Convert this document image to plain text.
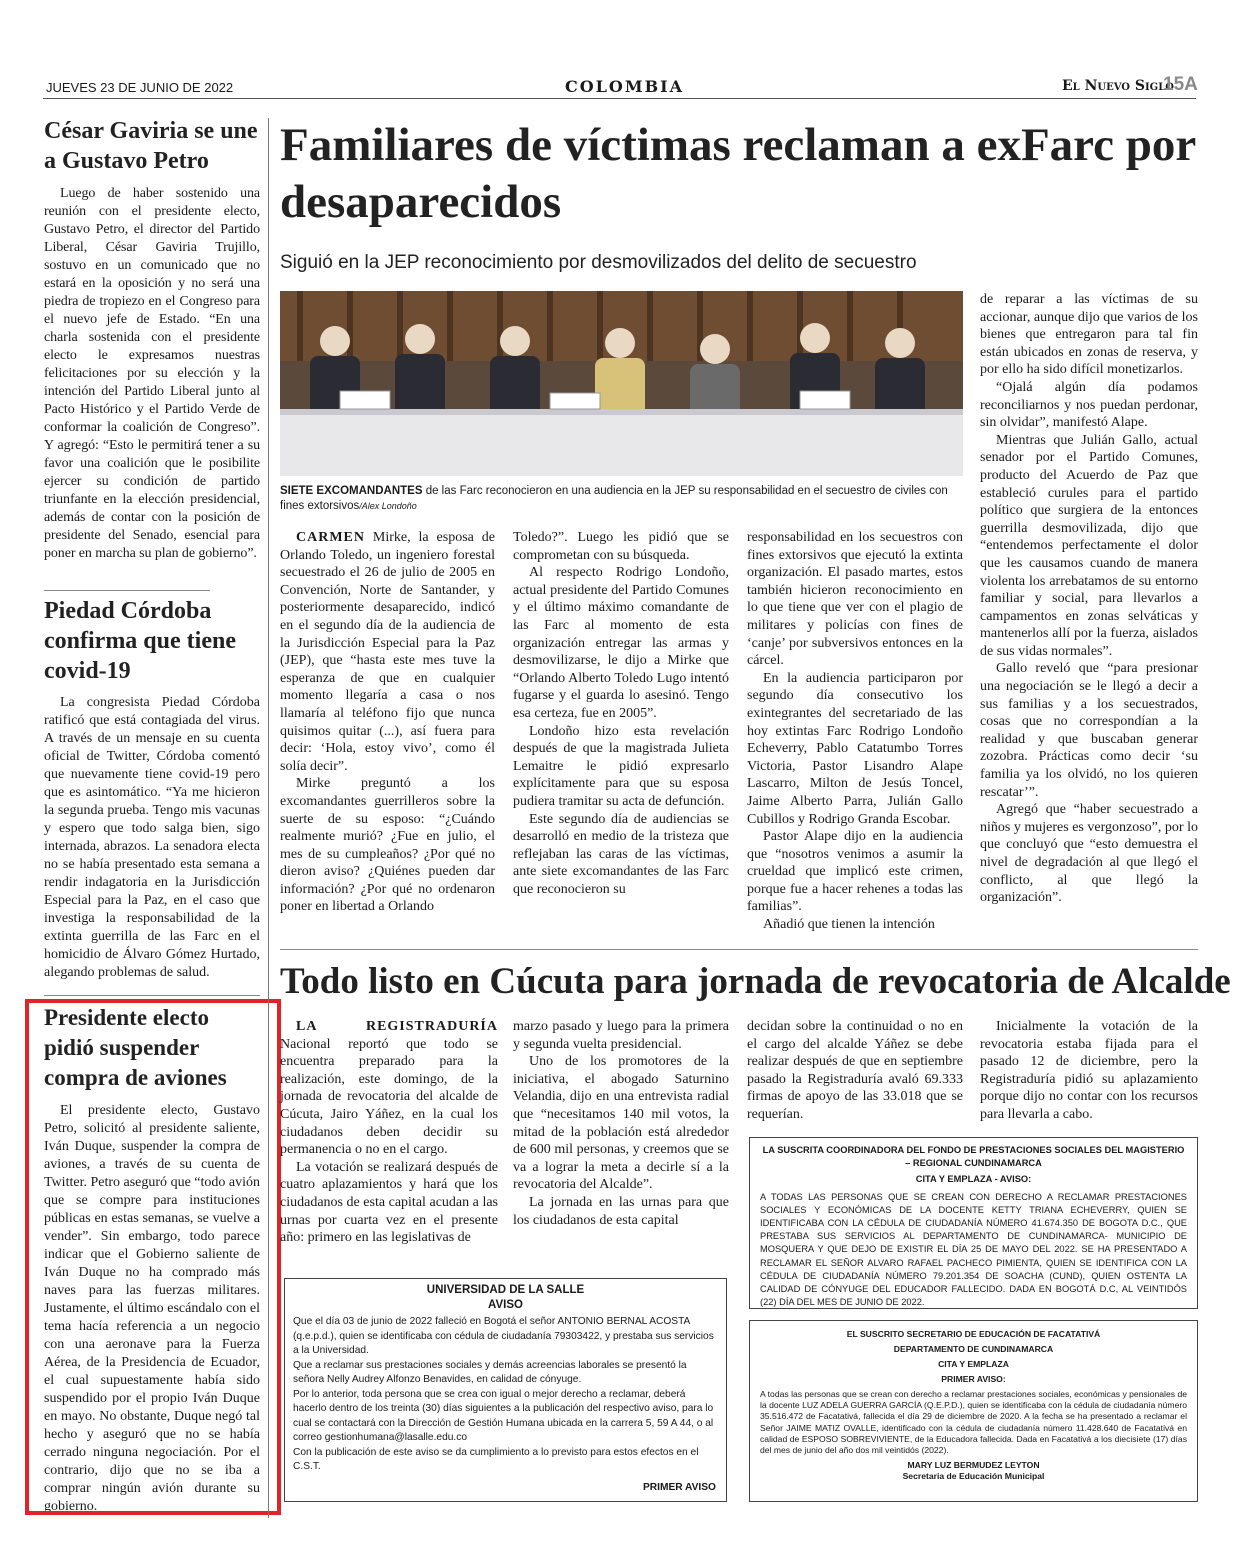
JUEVES 23 DE JUNIO DE 2022	COLOMBIA	El Nuevo Siglo
15A
César Gaviria se une a Gustavo Petro

Luego de haber sostenido una reunión con el presidente electo, Gustavo Petro, el director del Partido Liberal, César Gaviria Trujillo, sostuvo en un comunicado que no estará en la oposición y no será una piedra de tropiezo en el Congreso para el nuevo jefe de Estado. “En una charla sostenida con el presidente electo le expresamos nuestras felicitaciones por su elección y la intención del Partido Liberal junto al Pacto Histórico y el Partido Verde de conformar la coalición de Congreso”. Y agregó: “Esto le permitirá tener a su favor una coalición que le posibilite ejercer su condición de partido triunfante en la elección presidencial, además de contar con la posición de presidente del Senado, esencial para poner en marcha su plan de gobierno”.

Piedad Córdoba confirma que tiene covid-19

La congresista Piedad Córdoba ratificó que está contagiada del virus. A través de un mensaje en su cuenta oficial de Twitter, Córdoba comentó que nuevamente tiene covid-19 pero que es asintomático. “Ya me hicieron la segunda prueba. Tengo mis vacunas y espero que todo salga bien, sigo internada, abrazos. La senadora electa no se había presentado esta semana a rendir indagatoria en la Jurisdicción Especial para la Paz, en el caso que investiga la responsabilidad de la extinta guerrilla de las Farc en el homicidio de Álvaro Gómez Hurtado, alegando problemas de salud.

Presidente electo pidió suspender compra de aviones

El presidente electo, Gustavo Petro, solicitó al presidente saliente, Iván Duque, suspender la compra de aviones, a través de su cuenta de Twitter. Petro aseguró que “todo avión que se compre para instituciones públicas en estas semanas, se vuelve a vender”. Sin embargo, todo parece indicar que el Gobierno saliente de Iván Duque no ha comprado más naves para las fuerzas militares. Justamente, el último escándalo con el tema hacía referencia a un negocio con una aeronave para la Fuerza Aérea, de la Presidencia de Ecuador, el cual supuestamente había sido suspendido por el propio Iván Duque en mayo. No obstante, Duque negó tal hecho y aseguró que no se había cerrado ninguna negociación. Por el contrario, dijo que no se iba a comprar ningún avión durante su gobierno.

Familiares de víctimas reclaman a exFarc por desaparecidos
Siguió en la JEP reconocimiento por desmovilizados del delito de secuestro
SIETE EXCOMANDANTES de las Farc reconocieron en una audiencia en la JEP su responsabilidad en el secuestro de civiles con fines extorsivos/Alex Londoño

CARMEN Mirke, la esposa de Orlando Toledo, un ingeniero forestal secuestrado el 26 de julio de 2005 en Convención, Norte de Santander, y posteriormente desaparecido, indicó en el segundo día de la audiencia de la Jurisdicción Especial para la Paz (JEP), que “hasta este mes tuve la esperanza de que en cualquier momento llegaría a casa o nos llamaría al teléfono fijo que nunca quisimos quitar (...), así fuera para decir: ‘Hola, estoy vivo’, como él solía decir”.

Mirke preguntó a los excomandantes guerrilleros sobre la suerte de su esposo: “¿Cuándo realmente murió? ¿Fue en julio, el mes de su cumpleaños? ¿Por qué no dieron aviso? ¿Quiénes pueden dar información? ¿Por qué no ordenaron poner en libertad a Orlando

Toledo?”. Luego les pidió que se comprometan con su búsqueda.

Al respecto Rodrigo Londoño, actual presidente del Partido Comunes y el último máximo comandante de las Farc al momento de esta organización entregar las armas y desmovilizarse, le dijo a Mirke que “Orlando Alberto Toledo Lugo intentó fugarse y el guarda lo asesinó. Tengo esa certeza, fue en 2005”.

Londoño hizo esta revelación después de que la magistrada Julieta Lemaitre le pidió expresarlo explícitamente para que su esposa pudiera tramitar su acta de defunción.

Este segundo día de audiencias se desarrolló en medio de la tristeza que reflejaban las caras de las víctimas, ante siete excomandantes de las Farc que reconocieron su

responsabilidad en los secuestros con fines extorsivos que ejecutó la extinta organización. El pasado martes, estos también hicieron reconocimiento en lo que tiene que ver con el plagio de militares y policías con fines de ‘canje’ por subversivos entonces en la cárcel.

En la audiencia participaron por segundo día consecutivo los exintegrantes del secretariado de las hoy extintas Farc Rodrigo Londoño Echeverry, Pablo Catatumbo Torres Victoria, Pastor Lisandro Alape Lascarro, Milton de Jesús Toncel, Jaime Alberto Parra, Julián Gallo Cubillos y Rodrigo Granda Escobar.

Pastor Alape dijo en la audiencia que “nosotros venimos a asumir la crueldad que implicó este crimen, porque fue a hacer rehenes a todas las familias”.

Añadió que tienen la intención

de reparar a las víctimas de su accionar, aunque dijo que varios de los bienes que entregaron para tal fin están ubicados en zonas de reserva, y por ello ha sido difícil monetizarlos.

“Ojalá algún día podamos reconciliarnos y nos puedan perdonar, sin olvidar”, manifestó Alape.

Mientras que Julián Gallo, actual senador por el Partido Comunes, producto del Acuerdo de Paz que estableció curules para el partido político que surgiera de la entonces guerrilla desmovilizada, dijo que “entendemos perfectamente el dolor que les causamos cuando de manera violenta los arrebatamos de su entorno familiar y social, para llevarlos a campamentos en zonas selváticas y mantenerlos allí por la fuerza, aislados de sus vidas normales”.

Gallo reveló que “para presionar una negociación se le llegó a decir a sus familias y a los secuestrados, cosas que no correspondían a la realidad y que buscaban generar zozobra. Prácticas como decir ‘su familia ya los olvidó, no los quieren rescatar’”.

Agregó que “haber secuestrado a niños y mujeres es vergonzoso”, por lo que concluyó que “esto demuestra el nivel de degradación al que llegó el conflicto, al que llegó la organización”.

Todo listo en Cúcuta para jornada de revocatoria de Alcalde

LA REGISTRADURÍA Nacional reportó que todo se encuentra preparado para la realización, este domingo, de la jornada de revocatoria del alcalde de Cúcuta, Jairo Yáñez, en la cual los ciudadanos deben decidir su permanencia o no en el cargo.

La votación se realizará después de cuatro aplazamientos y hará que los ciudadanos de esta capital acudan a las urnas por cuarta vez en el presente año: primero en las legislativas de

marzo pasado y luego para la primera y segunda vuelta presidencial.

Uno de los promotores de la iniciativa, el abogado Saturnino Velandia, dijo en una entrevista radial que “necesitamos 140 mil votos, la mitad de la población está alrededor de 600 mil personas, y creemos que se va a lograr la meta a decirle sí a la revocatoria del Alcalde”.

La jornada en las urnas para que los ciudadanos de esta capital

decidan sobre la continuidad o no en el cargo del alcalde Yáñez se debe realizar después de que en septiembre pasado la Registraduría avaló 69.333 firmas de apoyo de las 33.018 que se requerían.

Inicialmente la votación de la revocatoria estaba fijada para el pasado 12 de diciembre, pero la Registraduría pidió su aplazamiento porque dijo no contar con los recursos para llevarla a cabo.

UNIVERSIDAD DE LA SALLE
AVISO
Que el día 03 de junio de 2022 falleció en Bogotá el señor ANTONIO BERNAL ACOSTA (q.e.p.d.), quien se identificaba con cédula de ciudadanía 79303422, y prestaba sus servicios a la Universidad.
Que a reclamar sus prestaciones sociales y demás acreencias laborales se presentó la señora Nelly Audrey Alfonzo Benavides, en calidad de cónyuge.
Por lo anterior, toda persona que se crea con igual o mejor derecho a reclamar, deberá hacerlo dentro de los treinta (30) días siguientes a la publicación del respectivo aviso, para lo cual se contactará con la Dirección de Gestión Humana ubicada en la carrera 5, 59 A 44, o al correo gestionhumana@lasalle.edu.co
Con la publicación de este aviso se da cumplimiento a lo previsto para estos efectos en el C.S.T.
PRIMER AVISO
LA SUSCRITA COORDINADORA DEL FONDO DE PRESTACIONES SOCIALES DEL MAGISTERIO – REGIONAL CUNDINAMARCA
CITA Y EMPLAZA - AVISO:
A TODAS LAS PERSONAS QUE SE CREAN CON DERECHO A RECLAMAR PRESTACIONES SOCIALES Y ECONÓMICAS DE LA DOCENTE KETTY TRIANA ECHEVERRY, QUIEN SE IDENTIFICABA CON LA CÉDULA DE CIUDADANÍA NÚMERO 41.674.350 DE BOGOTA D.C., QUE PRESTABA SUS SERVICIOS AL DEPARTAMENTO DE CUNDINAMARCA- MUNICIPIO DE MOSQUERA Y QUE DEJO DE EXISTIR EL DÍA 25 DE MAYO DEL 2022. SE HA PRESENTADO A RECLAMAR EL SEÑOR ALVARO RAFAEL PACHECO PIMIENTA, QUIEN SE IDENTIFICA CON LA CÉDULA DE CIUDADANÍA NÚMERO 79.201.354 DE SOACHA (CUND), QUIEN OSTENTA LA CALIDAD DE CÓNYUGE DEL EDUCADOR FALLECIDO. DADA EN BOGOTÁ D.C, AL VEINTIDÓS (22) DÍA DEL MES DE JUNIO DE 2022.
EL SUSCRITO SECRETARIO DE EDUCACIÓN DE FACATATIVÁ
DEPARTAMENTO DE CUNDINAMARCA
CITA Y EMPLAZA
PRIMER AVISO:
A todas las personas que se crean con derecho a reclamar prestaciones sociales, económicas y pensionales de la docente LUZ ADELA GUERRA GARCÍA (Q.E.P.D.), quien se identificaba con la cédula de ciudadanía número 35.516.472 de Facatativá, fallecida el día 29 de diciembre de 2020. A la fecha se ha presentado a reclamar el Señor JAIME MATIZ OVALLE, identificado con la cédula de ciudadanía número 11.428.640 de Facatativá en calidad de ESPOSO SOBREVIVIENTE, de la Educadora fallecida. Dada en Facatativá a los diecisiete (17) días del mes de junio del año dos mil veintidós (2022).
MARY LUZ BERMUDEZ LEYTON
Secretaria de Educación Municipal
